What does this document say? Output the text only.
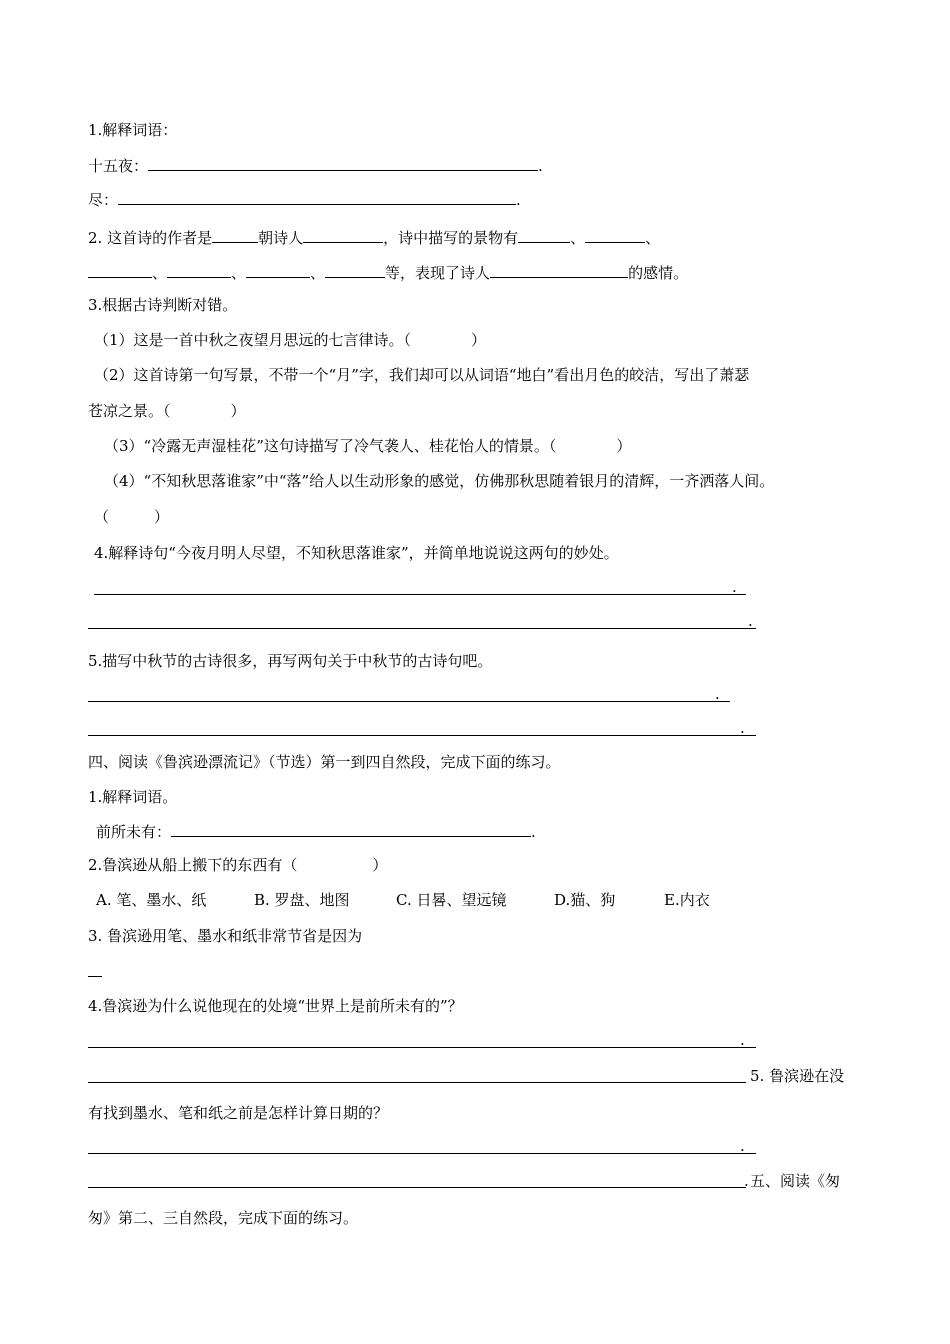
1.解释词语：
十五夜：	.
尽：	.
2. 这首诗的作者是	朝诗人	，诗中描写的景物有	、	、
、	、	、	等，表现了诗人	的感情。
3.根据古诗判断对错。
（1）这是一首中秋之夜望月思远的七言律诗。（　　　　）
（2）这首诗第一句写景，不带一个“月”字，我们却可以从词语“地白”看出月色的皎洁，写出了萧瑟
苍凉之景。（　　　　）
（3）“冷露无声湿桂花”这句诗描写了冷气袭人、桂花怡人的情景。（　　　　）
（4）“不知秋思落谁家”中“落”给人以生动形象的感觉，仿佛那秋思随着银月的清辉，一齐洒落人间。
（　　　）
4.解释诗句“今夜月明人尽望，不知秋思落谁家”，并简单地说说这两句的妙处。
.
.
5.描写中秋节的古诗很多，再写两句关于中秋节的古诗句吧。
.
.
四、阅读《鲁滨逊漂流记》（节选）第一到四自然段，完成下面的练习。
1.解释词语。
前所未有：	.
2.鲁滨逊从船上搬下的东西有（　　　　　）
A. 笔、墨水、纸	B. 罗盘、地图	C. 日晷、望远镜	D.猫、狗	E.内衣
3. 鲁滨逊用笔、墨水和纸非常节省是因为
4.鲁滨逊为什么说他现在的处境“世界上是前所未有的”？
.
5. 鲁滨逊在没
有找到墨水、笔和纸之前是怎样计算日期的？
.
. 五、阅读《匆
匆》第二、三自然段，完成下面的练习。
